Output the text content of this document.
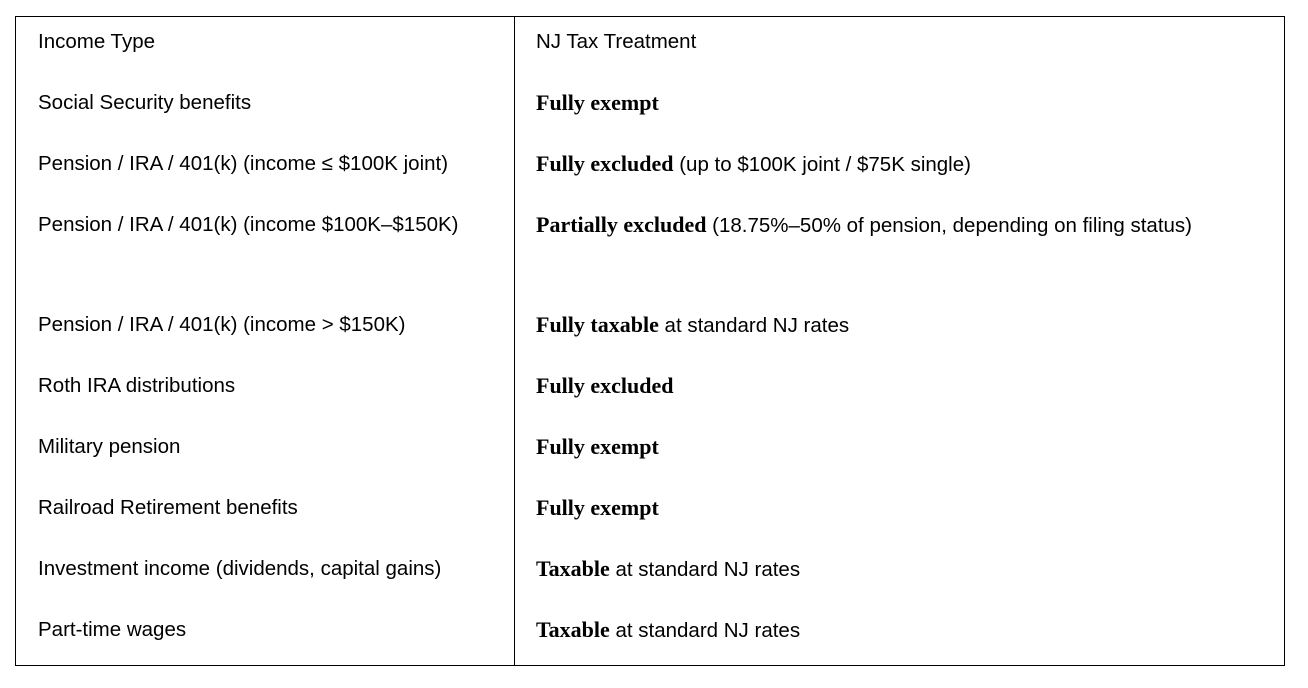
Income Type	NJ Tax Treatment
Social Security benefits	Fully exempt
Pension / IRA / 401(k) (income ≤ $100K joint)	Fully excluded (up to $100K joint / $75K single)
Pension / IRA / 401(k) (income $100K–$150K)	Partially excluded (18.75%–50% of pension, depending on filing status)
Pension / IRA / 401(k) (income > $150K)	Fully taxable at standard NJ rates
Roth IRA distributions	Fully excluded
Military pension	Fully exempt
Railroad Retirement benefits	Fully exempt
Investment income (dividends, capital gains)	Taxable at standard NJ rates
Part-time wages	Taxable at standard NJ rates
